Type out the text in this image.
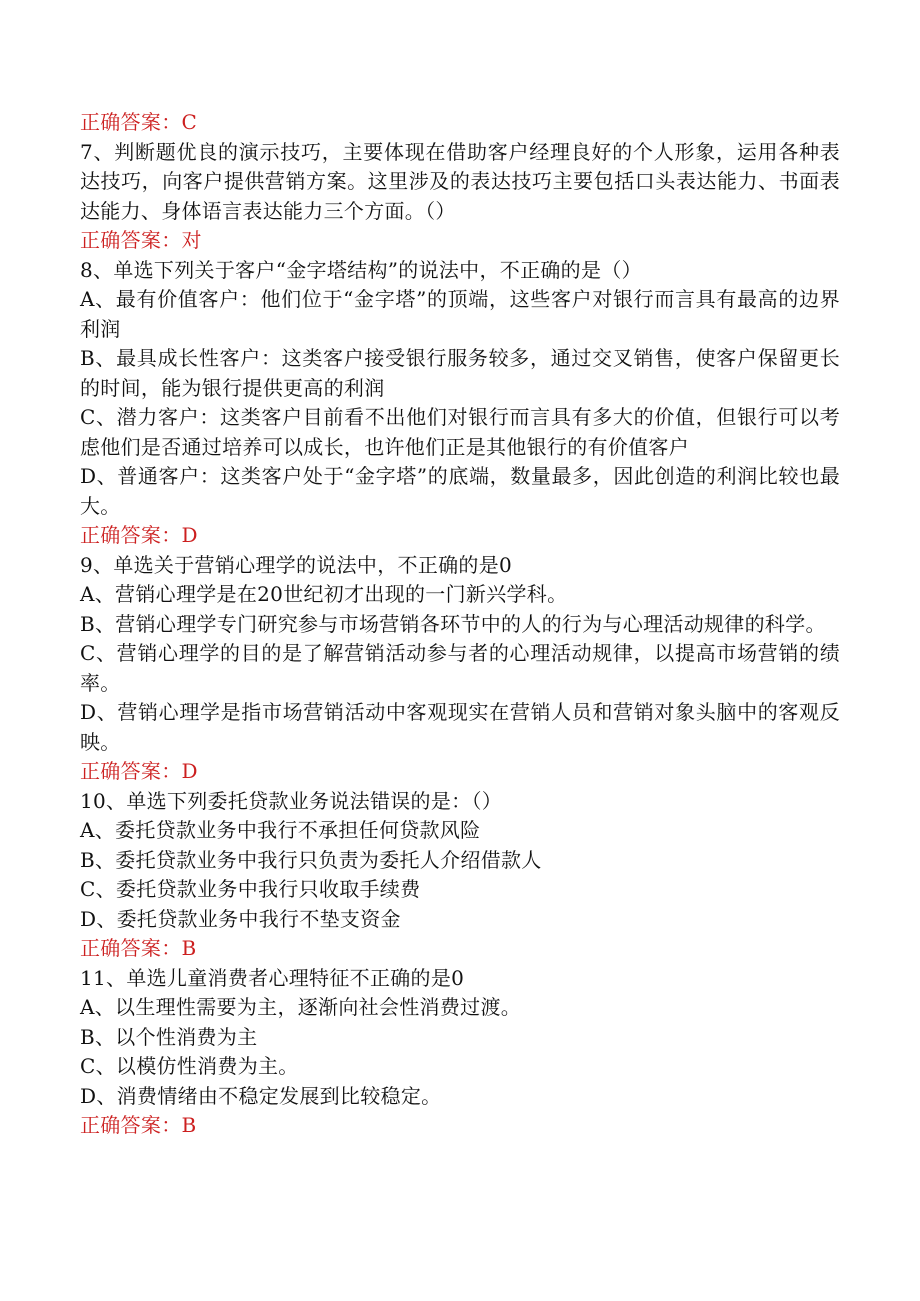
正确答案：C

7、判断题优良的演示技巧，主要体现在借助客户经理良好的个人形象，运用各种表达技巧，向客户提供营销方案。这里涉及的表达技巧主要包括口头表达能力、书面表达能力、身体语言表达能力三个方面。（）

正确答案：对

8、单选下列关于客户“金字塔结构”的说法中，不正确的是（）

A、最有价值客户：他们位于“金字塔”的顶端，这些客户对银行而言具有最高的边界利润

B、最具成长性客户：这类客户接受银行服务较多，通过交叉销售，使客户保留更长的时间，能为银行提供更高的利润

C、潜力客户：这类客户目前看不出他们对银行而言具有多大的价值，但银行可以考虑他们是否通过培养可以成长，也许他们正是其他银行的有价值客户

D、普通客户：这类客户处于“金字塔”的底端，数量最多，因此创造的利润比较也最大。

正确答案：D

9、单选关于营销心理学的说法中，不正确的是0

A、营销心理学是在20世纪初才出现的一门新兴学科。

B、营销心理学专门研究参与市场营销各环节中的人的行为与心理活动规律的科学。

C、营销心理学的目的是了解营销活动参与者的心理活动规律，以提高市场营销的绩率。

D、营销心理学是指市场营销活动中客观现实在营销人员和营销对象头脑中的客观反映。

正确答案：D

10、单选下列委托贷款业务说法错误的是：（）

A、委托贷款业务中我行不承担任何贷款风险

B、委托贷款业务中我行只负责为委托人介绍借款人

C、委托贷款业务中我行只收取手续费

D、委托贷款业务中我行不垫支资金

正确答案：B

11、单选儿童消费者心理特征不正确的是0

A、以生理性需要为主，逐渐向社会性消费过渡。

B、以个性消费为主

C、以模仿性消费为主。

D、消费情绪由不稳定发展到比较稳定。

正确答案：B
